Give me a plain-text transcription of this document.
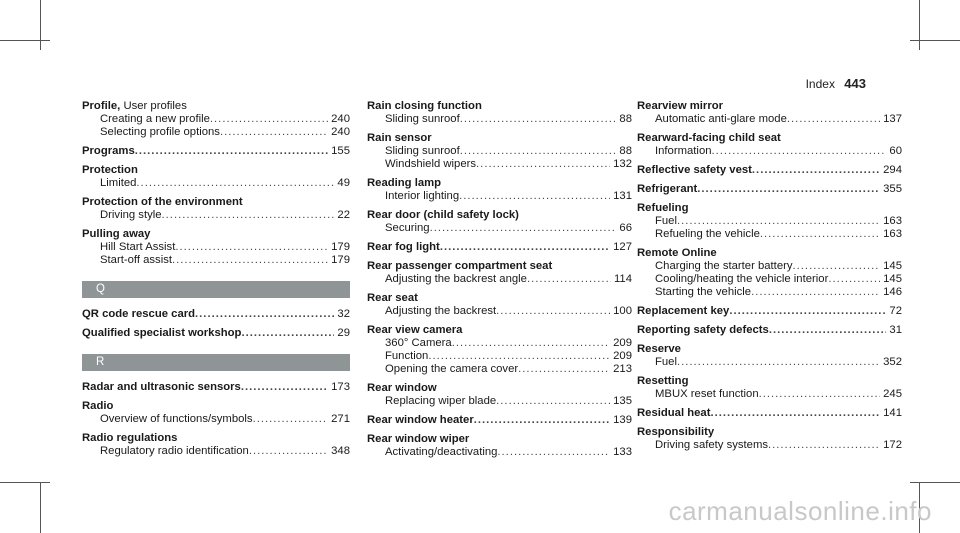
Index 443
Profile, User profiles
Creating a new profile .....	240
Selecting profile options .....	240
Programs .....	155
Protection
Limited .....	49
Protection of the environment
Driving style .....	22
Pulling away
Hill Start Assist .....	179
Start-off assist .....	179
Q
QR code rescue card .....	32
Qualified specialist workshop .....	29
R
Radar and ultrasonic sensors .....	173
Radio
Overview of functions/symbols .....	271
Radio regulations
Regulatory radio identification .....	348
Rain closing function
Sliding sunroof .....	88
Rain sensor
Sliding sunroof .....	88
Windshield wipers .....	132
Reading lamp
Interior lighting .....	131
Rear door (child safety lock)
Securing .....	66
Rear fog light .....	127
Rear passenger compartment seat
Adjusting the backrest angle .....	114
Rear seat
Adjusting the backrest .....	100
Rear view camera
360° Camera .....	209
Function .....	209
Opening the camera cover .....	213
Rear window
Replacing wiper blade .....	135
Rear window heater .....	139
Rear window wiper
Activating/deactivating .....	133
Rearview mirror
Automatic anti-glare mode .....	137
Rearward-facing child seat
Information .....	60
Reflective safety vest .....	294
Refrigerant .....	355
Refueling
Fuel .....	163
Refueling the vehicle .....	163
Remote Online
Charging the starter battery .....	145
Cooling/heating the vehicle interior .....	145
Starting the vehicle .....	146
Replacement key .....	72
Reporting safety defects .....	31
Reserve
Fuel .....	352
Resetting
MBUX reset function .....	245
Residual heat .....	141
Responsibility
Driving safety systems .....	172
carmanualsonline.info
